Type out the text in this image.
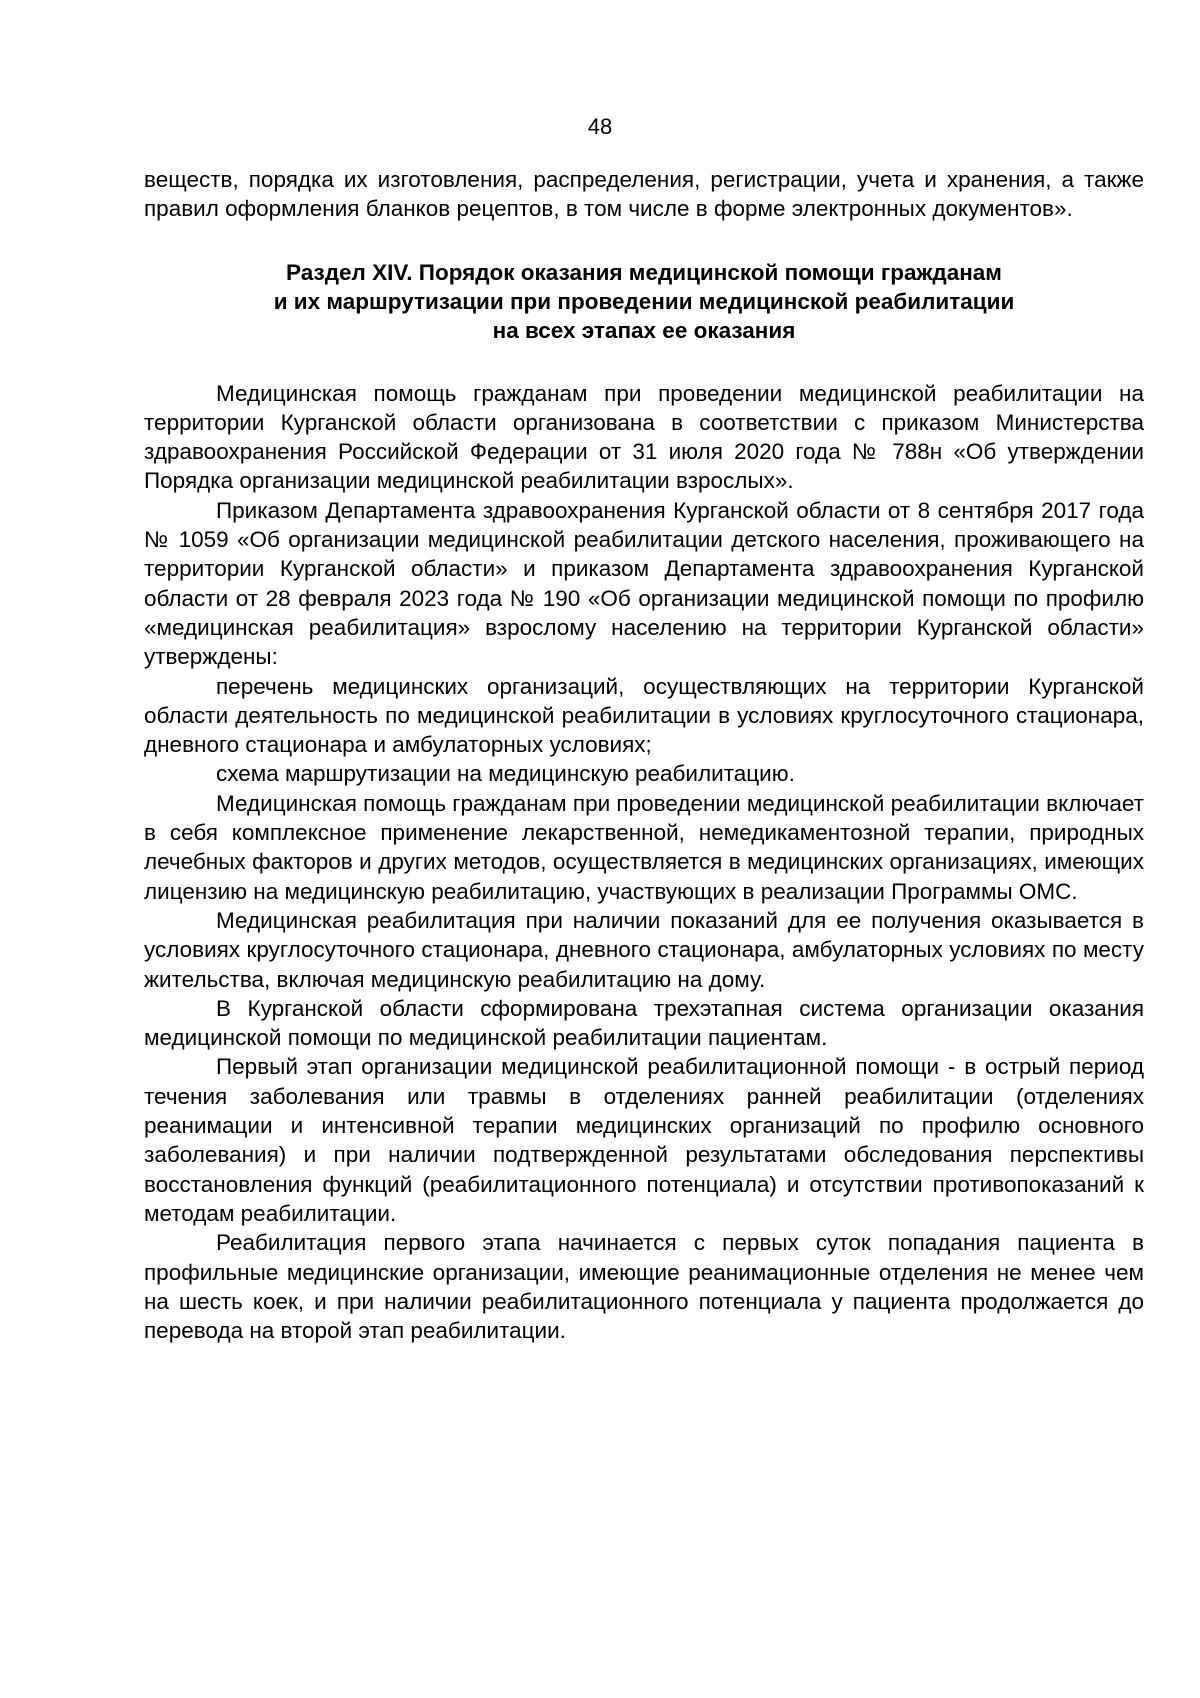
48

веществ, порядка их изготовления, распределения, регистрации, учета и хранения, а также правил оформления бланков рецептов, в том числе в форме электронных документов».

Раздел XIV. Порядок оказания медицинской помощи гражданам
и их маршрутизации при проведении медицинской реабилитации
на всех этапах ее оказания

Медицинская помощь гражданам при проведении медицинской реабилитации на территории Курганской области организована в соответствии с приказом Министерства здравоохранения Российской Федерации от 31 июля 2020 года № 788н «Об утверждении Порядка организации медицинской реабилитации взрослых».

Приказом Департамента здравоохранения Курганской области от 8 сентября 2017 года № 1059 «Об организации медицинской реабилитации детского населения, проживающего на территории Курганской области» и приказом Департамента здравоохранения Курганской области от 28 февраля 2023 года № 190 «Об организации медицинской помощи по профилю «медицинская реабилитация» взрослому населению на территории Курганской области» утверждены:

перечень медицинских организаций, осуществляющих на территории Курганской области деятельность по медицинской реабилитации в условиях круглосуточного стационара, дневного стационара и амбулаторных условиях;

схема маршрутизации на медицинскую реабилитацию.

Медицинская помощь гражданам при проведении медицинской реабилитации включает в себя комплексное применение лекарственной, немедикаментозной терапии, природных лечебных факторов и других методов, осуществляется в медицинских организациях, имеющих лицензию на медицинскую реабилитацию, участвующих в реализации Программы ОМС.

Медицинская реабилитация при наличии показаний для ее получения оказывается в условиях круглосуточного стационара, дневного стационара, амбулаторных условиях по месту жительства, включая медицинскую реабилитацию на дому.

В Курганской области сформирована трехэтапная система организации оказания медицинской помощи по медицинской реабилитации пациентам.

Первый этап организации медицинской реабилитационной помощи - в острый период течения заболевания или травмы в отделениях ранней реабилитации (отделениях реанимации и интенсивной терапии медицинских организаций по профилю основного заболевания) и при наличии подтвержденной результатами обследования перспективы восстановления функций (реабилитационного потенциала) и отсутствии противопоказаний к методам реабилитации.

Реабилитация первого этапа начинается с первых суток попадания пациента в профильные медицинские организации, имеющие реанимационные отделения не менее чем на шесть коек, и при наличии реабилитационного потенциала у пациента продолжается до перевода на второй этап реабилитации.
